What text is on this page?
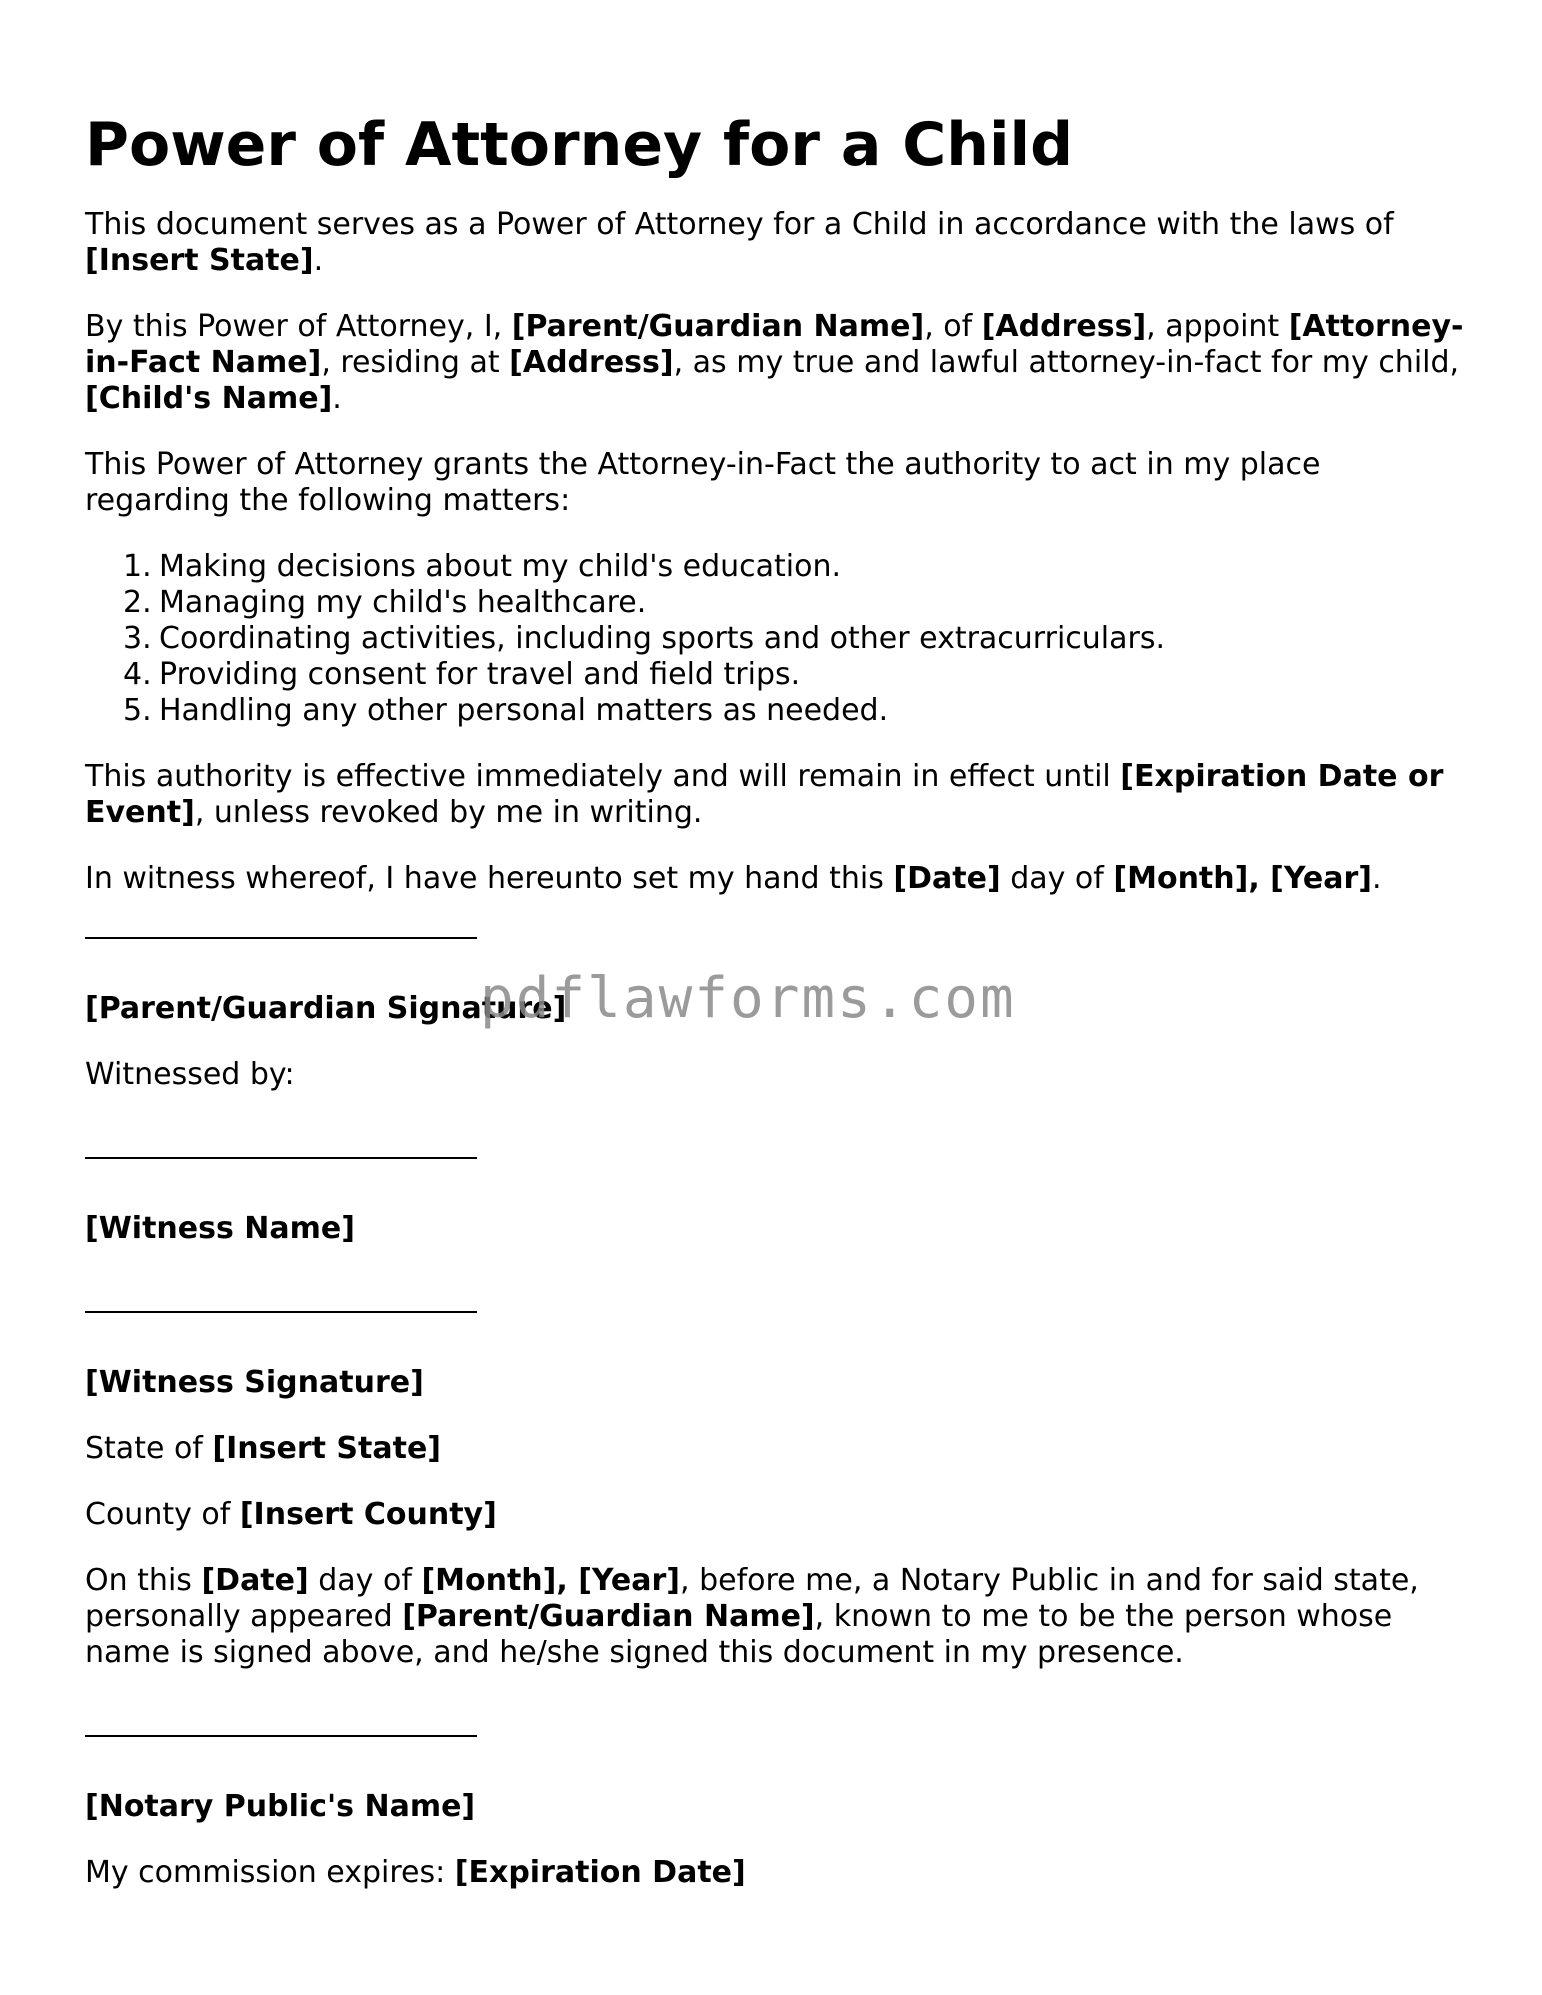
Power of Attorney for a Child

This document serves as a Power of Attorney for a Child in accordance with the laws of [Insert State].

By this Power of Attorney, I, [Parent/Guardian Name], of [Address], appoint [Attorney-in-Fact Name], residing at [Address], as my true and lawful attorney-in-fact for my child, [Child's Name].

This Power of Attorney grants the Attorney-in-Fact the authority to act in my place regarding the following matters:

1. Making decisions about my child's education.
2. Managing my child's healthcare.
3. Coordinating activities, including sports and other extracurriculars.
4. Providing consent for travel and field trips.
5. Handling any other personal matters as needed.

This authority is effective immediately and will remain in effect until [Expiration Date or Event], unless revoked by me in writing.

In witness whereof, I have hereunto set my hand this [Date] day of [Month], [Year].

[Parent/Guardian Signature]

Witnessed by:

[Witness Name]

[Witness Signature]

State of [Insert State]

County of [Insert County]

On this [Date] day of [Month], [Year], before me, a Notary Public in and for said state, personally appeared [Parent/Guardian Name], known to me to be the person whose name is signed above, and he/she signed this document in my presence.

[Notary Public's Name]

My commission expires: [Expiration Date]

pdflawforms.com
